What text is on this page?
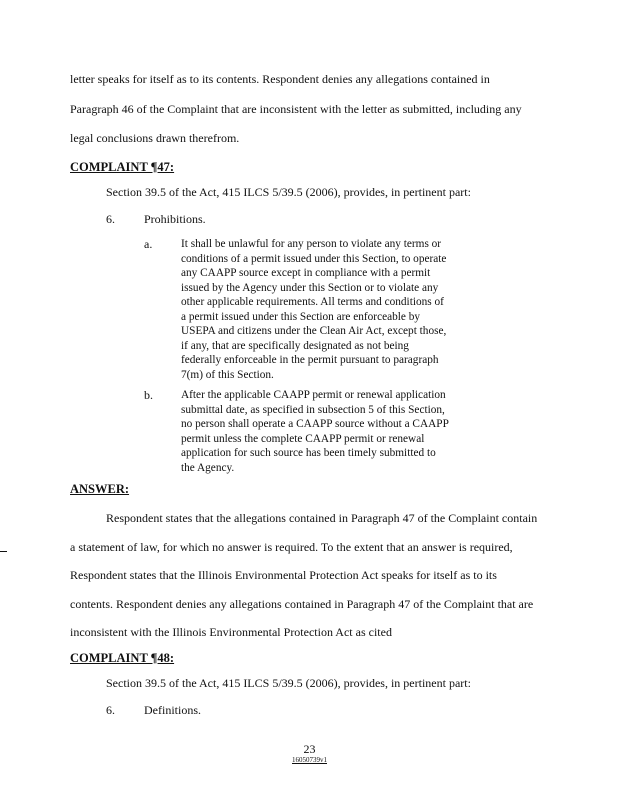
letter speaks for itself as to its contents. Respondent denies any allegations contained in
Paragraph 46 of the Complaint that are inconsistent with the letter as submitted, including any
legal conclusions drawn therefrom.
COMPLAINT ¶47:
Section 39.5 of the Act, 415 ILCS 5/39.5 (2006), provides, in pertinent part:
6. Prohibitions.
a.	It shall be unlawful for any person to violate any terms or

conditions of a permit issued under this Section, to operate

any CAAPP source except in compliance with a permit

issued by the Agency under this Section or to violate any

other applicable requirements. All terms and conditions of

a permit issued under this Section are enforceable by

USEPA and citizens under the Clean Air Act, except those,

if any, that are specifically designated as not being

federally enforceable in the permit pursuant to paragraph

7(m) of this Section.

b. After the applicable CAAPP permit or renewal application

submittal date, as specified in subsection 5 of this Section,

no person shall operate a CAAPP source without a CAAPP

permit unless the complete CAAPP permit or renewal

application for such source has been timely submitted to

the Agency.

ANSWER:
Respondent states that the allegations contained in Paragraph 47 of the Complaint contain
a statement of law, for which no answer is required. To the extent that an answer is required,
Respondent states that the Illinois Environmental Protection Act speaks for itself as to its
contents. Respondent denies any allegations contained in Paragraph 47 of the Complaint that are
inconsistent with the Illinois Environmental Protection Act as cited
COMPLAINT ¶48:
Section 39.5 of the Act, 415 ILCS 5/39.5 (2006), provides, in pertinent part:
6. Definitions.
23
16050739v1
